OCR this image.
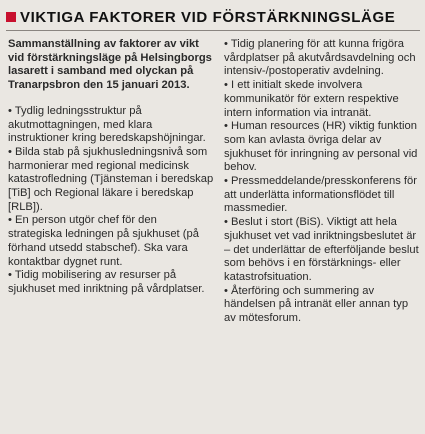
VIKTIGA FAKTORER VID FÖRSTÄRKNINGSLÄGE

Sammanställning av faktorer av vikt vid förstärkningsläge på Helsingborgs lasarett i samband med olyckan på Tranarpsbron den 15 januari 2013.

• Tydlig ledningsstruktur på akutmottagningen, med klara instruktioner kring beredskapshöjningar.

• Bilda stab på sjukhusledningsnivå som harmonierar med regional medicinsk katastrofledning (Tjänsteman i beredskap [TiB] och Regional läkare i beredskap [RLB]).

• En person utgör chef för den strategiska ledningen på sjukhuset (på förhand utsedd stabschef). Ska vara kontaktbar dygnet runt.

• Tidig mobilisering av resurser på sjukhuset med inriktning på vårdplatser.

• Tidig planering för att kunna frigöra vårdplatser på akutvårdsavdelning och intensiv-/postoperativ avdelning.

• I ett initialt skede involvera kommunikatör för extern respektive intern information via intranät.

• Human resources (HR) viktig funktion som kan avlasta övriga delar av sjukhuset för inringning av personal vid behov.

• Pressmeddelande/presskonferens för att underlätta informationsflödet till massmedier.

• Beslut i stort (BiS). Viktigt att hela sjukhuset vet vad inriktningsbeslutet är – det underlättar de efterföljande beslut som behövs i en förstärknings- eller katastrofsituation.

• Återföring och summering av händelsen på intranät eller annan typ av mötesforum.
